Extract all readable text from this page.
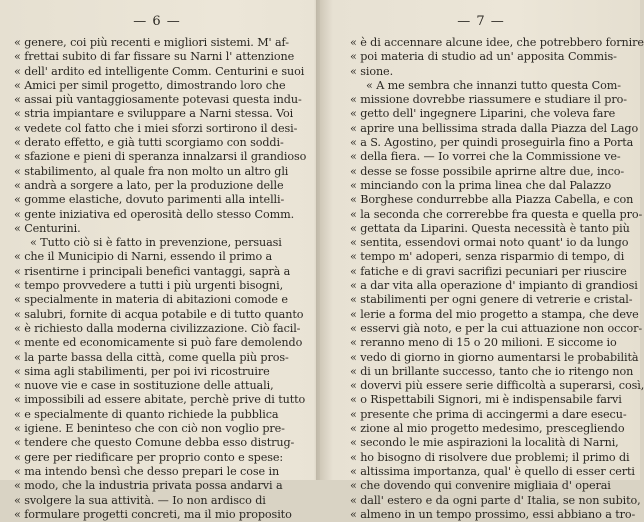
— 6 —
« genere, coi più recenti e migliori sistemi. M' af-
« frettai subito di far fissare su Narni l' attenzione
« dell' ardito ed intelligente Comm. Centurini e suoi
« Amici per simil progetto, dimostrando loro che
« assai più vantaggiosamente potevasi questa indu-
« stria impiantare e sviluppare a Narni stessa. Voi
« vedete col fatto che i miei sforzi sortirono il desi-
« derato effetto, e già tutti scorgiamo con soddi-
« sfazione e pieni di speranza innalzarsi il grandioso
« stabilimento, al quale fra non molto un altro gli
« andrà a sorgere a lato, per la produzione delle
« gomme elastiche, dovuto parimenti alla intelli-
« gente iniziativa ed operosità dello stesso Comm.
« Centurini.
« Tutto ciò si è fatto in prevenzione, persuasi
« che il Municipio di Narni, essendo il primo a
« risentirne i principali benefici vantaggi, saprà a
« tempo provvedere a tutti i più urgenti bisogni,
« specialmente in materia di abitazioni comode e
« salubri, fornite di acqua potabile e di tutto quanto
« è richiesto dalla moderna civilizzazione. Ciò facil-
« mente ed economicamente si può fare demolendo
« la parte bassa della città, come quella più pros-
« sima agli stabilimenti, per poi ivi ricostruire
« nuove vie e case in sostituzione delle attuali,
« impossibili ad essere abitate, perchè prive di tutto
« e specialmente di quanto richiede la pubblica
« igiene. E beninteso che con ciò non voglio pre-
« tendere che questo Comune debba esso distrug-
« gere per riedificare per proprio conto e spese:
« ma intendo bensì che desso prepari le cose in
« modo, che la industria privata possa andarvi a
« svolgere la sua attività. — Io non ardisco di
« formulare progetti concreti, ma il mio proposito
— 7 —
« è di accennare alcune idee, che potrebbero fornire
« poi materia di studio ad un' apposita Commis-
« sione.
« A me sembra che innanzi tutto questa Com-
« missione dovrebbe riassumere e studiare il pro-
« getto dell' ingegnere Liparini, che voleva fare
« aprire una bellissima strada dalla Piazza del Lago
« a S. Agostino, per quindi proseguirla fino a Porta
« della fiera. — Io vorrei che la Commissione ve-
« desse se fosse possibile aprirne altre due, inco-
« minciando con la prima linea che dal Palazzo
« Borghese condurrebbe alla Piazza Cabella, e con
« la seconda che correrebbe fra questa e quella pro-
« gettata da Liparini. Questa necessità è tanto più
« sentita, essendovi ormai noto quant' io da lungo
« tempo m' adoperi, senza risparmio di tempo, di
« fatiche e di gravi sacrifizi pecuniari per riuscire
« a dar vita alla operazione d' impianto di grandiosi
« stabilimenti per ogni genere di vetrerie e cristal-
« lerie a forma del mio progetto a stampa, che deve
« esservi già noto, e per la cui attuazione non occor-
« reranno meno di 15 o 20 milioni. E siccome io
« vedo di giorno in giorno aumentarsi le probabilità
« di un brillante successo, tanto che io ritengo non
« dovervi più essere serie difficoltà a superarsi, così,
« o Rispettabili Signori, mi è indispensabile farvi
« presente che prima di accingermi a dare esecu-
« zione al mio progetto medesimo, prescegliendo
« secondo le mie aspirazioni la località di Narni,
« ho bisogno di risolvere due problemi; il primo di
« altissima importanza, qual' è quello di esser certi
« che dovendo qui convenire migliaia d' operai
« dall' estero e da ogni parte d' Italia, se non subito,
« almeno in un tempo prossimo, essi abbiano a tro-
